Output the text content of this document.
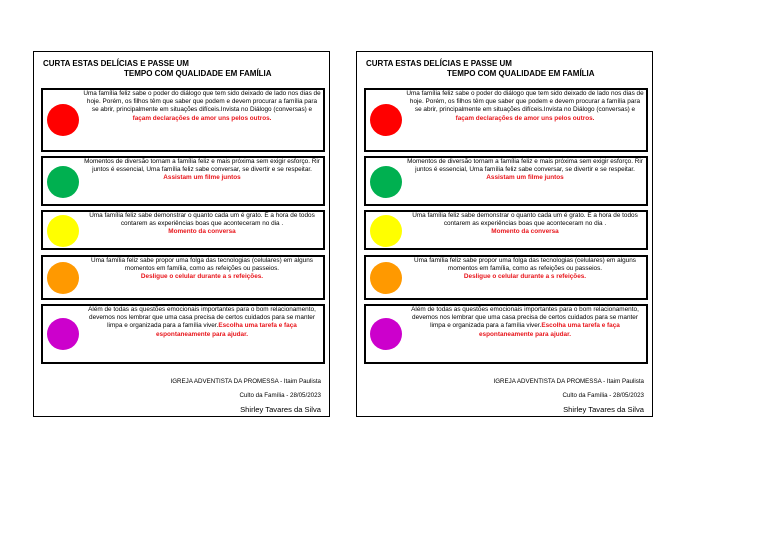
CURTA ESTAS DELÍCIAS E PASSE UM
TEMPO COM QUALIDADE EM FAMÍLIA
Uma família feliz sabe o poder do diálogo que tem sido deixado de lado nos dias de hoje. Porém, os filhos têm que saber que podem e devem procurar a família para se abrir, principalmente em situações difíceis.Invista no Diálogo (conversas) e façam declarações de amor uns pelos outros.
Momentos de diversão tornam a família feliz e mais próxima sem exigir esforço. Rir juntos é essencial, Uma família feliz sabe conversar, se divertir e se respeitar. Assistam um filme juntos
Uma família feliz sabe demonstrar o quanto cada um é grato. É a hora de todos contarem as experiências boas que aconteceram no dia .
Momento da conversa
Uma família feliz sabe propor uma folga das tecnologias (celulares) em alguns momentos em família, como as refeições ou passeios.
Desligue o celular durante a s refeições.
Além de todas as questões emocionais importantes para o bom relacionamento, devemos nos lembrar que uma casa precisa de certos cuidados para se manter limpa e organizada para a família viver.Escolha uma tarefa e faça espontaneamente para ajudar.
IGREJA ADVENTISTA DA PROMESSA - Itaim Paulista
Culto da Família - 28/05/2023
Shirley Tavares da Silva
CURTA ESTAS DELÍCIAS E PASSE UM
TEMPO COM QUALIDADE EM FAMÍLIA
Uma família feliz sabe o poder do diálogo que tem sido deixado de lado nos dias de hoje. Porém, os filhos têm que saber que podem e devem procurar a família para se abrir, principalmente em situações difíceis.Invista no Diálogo (conversas) e façam declarações de amor uns pelos outros.
Momentos de diversão tornam a família feliz e mais próxima sem exigir esforço. Rir juntos é essencial, Uma família feliz sabe conversar, se divertir e se respeitar. Assistam um filme juntos
Uma família feliz sabe demonstrar o quanto cada um é grato. É a hora de todos contarem as experiências boas que aconteceram no dia .
Momento da conversa
Uma família feliz sabe propor uma folga das tecnologias (celulares) em alguns momentos em família, como as refeições ou passeios.
Desligue o celular durante a s refeições.
Além de todas as questões emocionais importantes para o bom relacionamento, devemos nos lembrar que uma casa precisa de certos cuidados para se manter limpa e organizada para a família viver.Escolha uma tarefa e faça espontaneamente para ajudar.
IGREJA ADVENTISTA DA PROMESSA - Itaim Paulista
Culto da Família - 28/05/2023
Shirley Tavares da Silva
